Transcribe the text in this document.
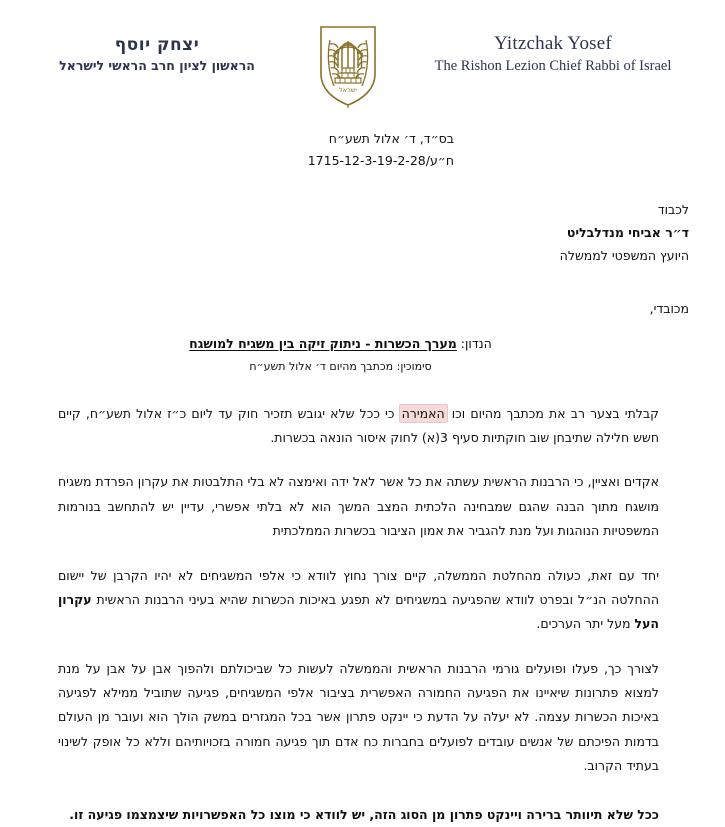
Yitzchak Yosef
The Rishon Lezion Chief Rabbi of Israel
ישראל
יצחק יוסף
הראשון לציון חרב הראשי לישראל
בס״ד, ד׳ אלול תשע״ח
ח״ע/1715-12-3-19-2-28
לכבוד
ד״ר אביחי מנדלבליט
היועץ המשפטי לממשלה
מכובדי,
הנדון: מערך הכשרות - ניתוק זיקה בין משגיח למושגח
סימוכין: מכתבך מהיום ד׳ אלול תשע״ח

קבלתי בצער רב את מכתבך מהיום וכו האמירה כי ככל שלא יגובש תזכיר חוק עד ליום כ״ז אלול תשע״ח, קיים חשש חלילה שתיבחן שוב חוקתיות סעיף 3(א) לחוק איסור הונאה בכשרות.

אקדים ואציין, כי הרבנות הראשית עשתה את כל אשר לאל ידה ואימצה לא בלי התלבטות את עקרון הפרדת משגיח מושגח מתוך הבנה שהגם שמבחינה הלכתית המצב המשך הוא לא בלתי אפשרי, עדיין יש להתחשב בנורמות המשפטיות הנוהגות ועל מנת להגביר את אמון הציבור בכשרות הממלכתית

יחד עם זאת, כעולה מהחלטת הממשלה, קיים צורך נחוץ לוודא כי אלפי המשגיחים לא יהיו הקרבן של יישום ההחלטה הנ״ל ובפרט לוודא שהפגיעה במשגיחים לא תפגע באיכות הכשרות שהיא בעיני הרבנות הראשית עקרון העל מעל יתר הערכים.

לצורך כך, פעלו ופועלים גורמי הרבנות הראשית והממשלה לעשות כל שביכולתם ולהפוך אבן על אבן על מנת למצוא פתרונות שיאיינו את הפגיעה החמורה האפשרית בציבור אלפי המשגיחים, פגיעה שתוביל ממילא לפגיעה באיכות הכשרות עצמה. לא יעלה על הדעת כי יינקט פתרון אשר בכל המגזרים במשק הולך הוא ועובר מן העולם בדמות הפיכתם של אנשים עובדים לפועלים בחברות כח אדם תוך פגיעה חמורה בזכויותיהם וללא כל אופק לשינוי בעתיד הקרוב.

ככל שלא תיוותר ברירה ויינקט פתרון מן הסוג הזה, יש לוודא כי מוצו כל האפשרויות שיצמצמו פגיעה זו.
